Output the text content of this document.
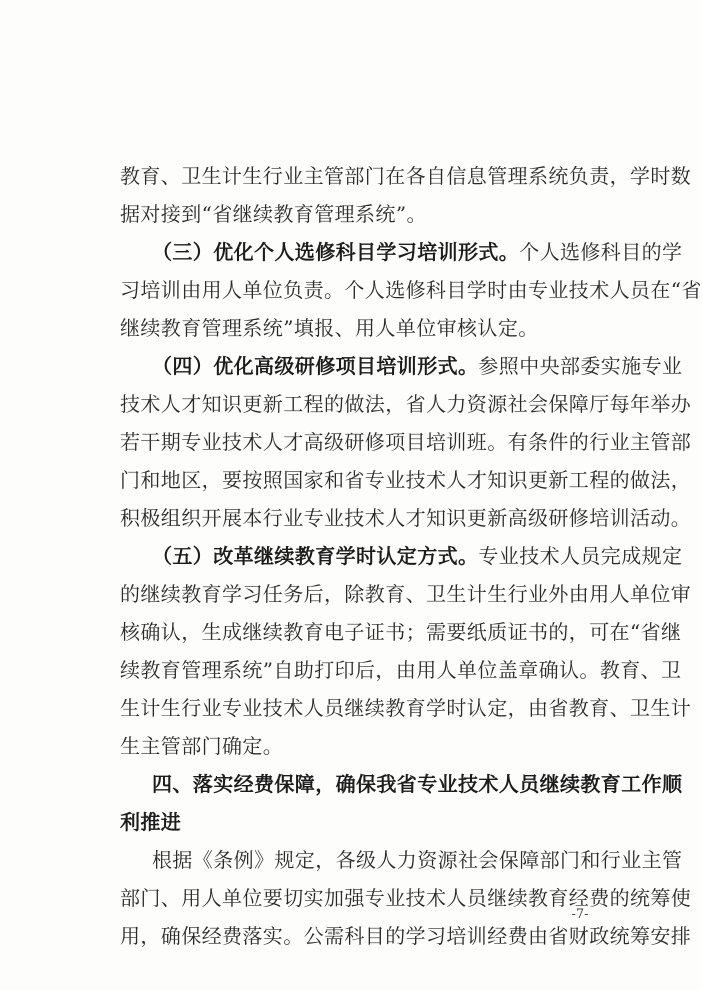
教育、卫生计生行业主管部门在各自信息管理系统负责，学时数
据对接到“省继续教育管理系统”。
（三）优化个人选修科目学习培训形式。个人选修科目的学
习培训由用人单位负责。个人选修科目学时由专业技术人员在“省
继续教育管理系统”填报、用人单位审核认定。
（四）优化高级研修项目培训形式。参照中央部委实施专业
技术人才知识更新工程的做法，省人力资源社会保障厅每年举办
若干期专业技术人才高级研修项目培训班。有条件的行业主管部
门和地区，要按照国家和省专业技术人才知识更新工程的做法，
积极组织开展本行业专业技术人才知识更新高级研修培训活动。
（五）改革继续教育学时认定方式。专业技术人员完成规定
的继续教育学习任务后，除教育、卫生计生行业外由用人单位审
核确认，生成继续教育电子证书；需要纸质证书的，可在“省继
续教育管理系统”自助打印后，由用人单位盖章确认。教育、卫
生计生行业专业技术人员继续教育学时认定，由省教育、卫生计
生主管部门确定。
四、落实经费保障，确保我省专业技术人员继续教育工作顺
利推进
根据《条例》规定，各级人力资源社会保障部门和行业主管
部门、用人单位要切实加强专业技术人员继续教育经费的统筹使
用，确保经费落实。公需科目的学习培训经费由省财政统筹安排
-7-
